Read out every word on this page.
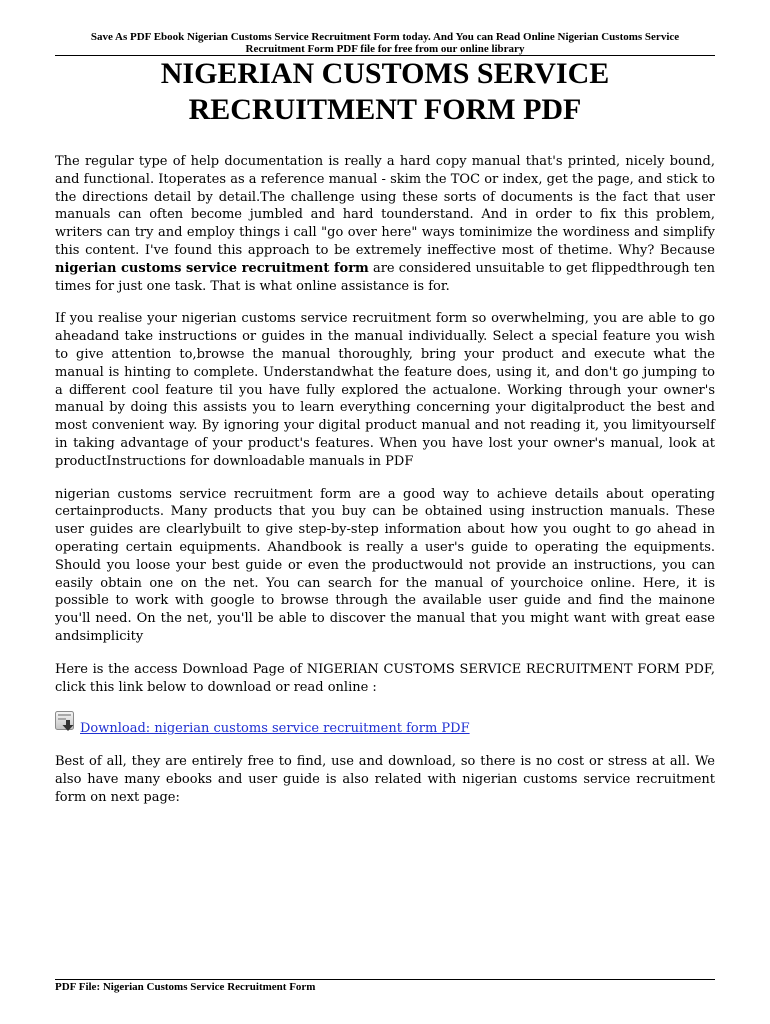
Save As PDF Ebook Nigerian Customs Service Recruitment Form today. And You can Read Online Nigerian Customs Service
Recruitment Form PDF file for free from our online library
NIGERIAN CUSTOMS SERVICE
RECRUITMENT FORM PDF

The regular type of help documentation is really a hard copy manual that's printed, nicely bound, and functional. Itoperates as a reference manual - skim the TOC or index, get the page, and stick to the directions detail by detail.The challenge using these sorts of documents is the fact that user manuals can often become jumbled and hard tounderstand. And in order to fix this problem, writers can try and employ things i call "go over here" ways tominimize the wordiness and simplify this content. I've found this approach to be extremely ineffective most of thetime. Why? Because nigerian customs service recruitment form are considered unsuitable to get flippedthrough ten times for just one task. That is what online assistance is for.

If you realise your nigerian customs service recruitment form so overwhelming, you are able to go aheadand take instructions or guides in the manual individually. Select a special feature you wish to give attention to,browse the manual thoroughly, bring your product and execute what the manual is hinting to complete. Understandwhat the feature does, using it, and don't go jumping to a different cool feature til you have fully explored the actualone. Working through your owner's manual by doing this assists you to learn everything concerning your digitalproduct the best and most convenient way. By ignoring your digital product manual and not reading it, you limityourself in taking advantage of your product's features. When you have lost your owner's manual, look at productInstructions for downloadable manuals in PDF

nigerian customs service recruitment form are a good way to achieve details about operating certainproducts. Many products that you buy can be obtained using instruction manuals. These user guides are clearlybuilt to give step-by-step information about how you ought to go ahead in operating certain equipments. Ahandbook is really a user's guide to operating the equipments. Should you loose your best guide or even the productwould not provide an instructions, you can easily obtain one on the net. You can search for the manual of yourchoice online. Here, it is possible to work with google to browse through the available user guide and find the mainone you'll need. On the net, you'll be able to discover the manual that you might want with great ease andsimplicity

Here is the access Download Page of NIGERIAN CUSTOMS SERVICE RECRUITMENT FORM PDF, click this link below to download or read online :

Download: nigerian customs service recruitment form PDF

Best of all, they are entirely free to find, use and download, so there is no cost or stress at all. We also have many ebooks and user guide is also related with nigerian customs service recruitment form on next page:

PDF File: Nigerian Customs Service Recruitment Form
